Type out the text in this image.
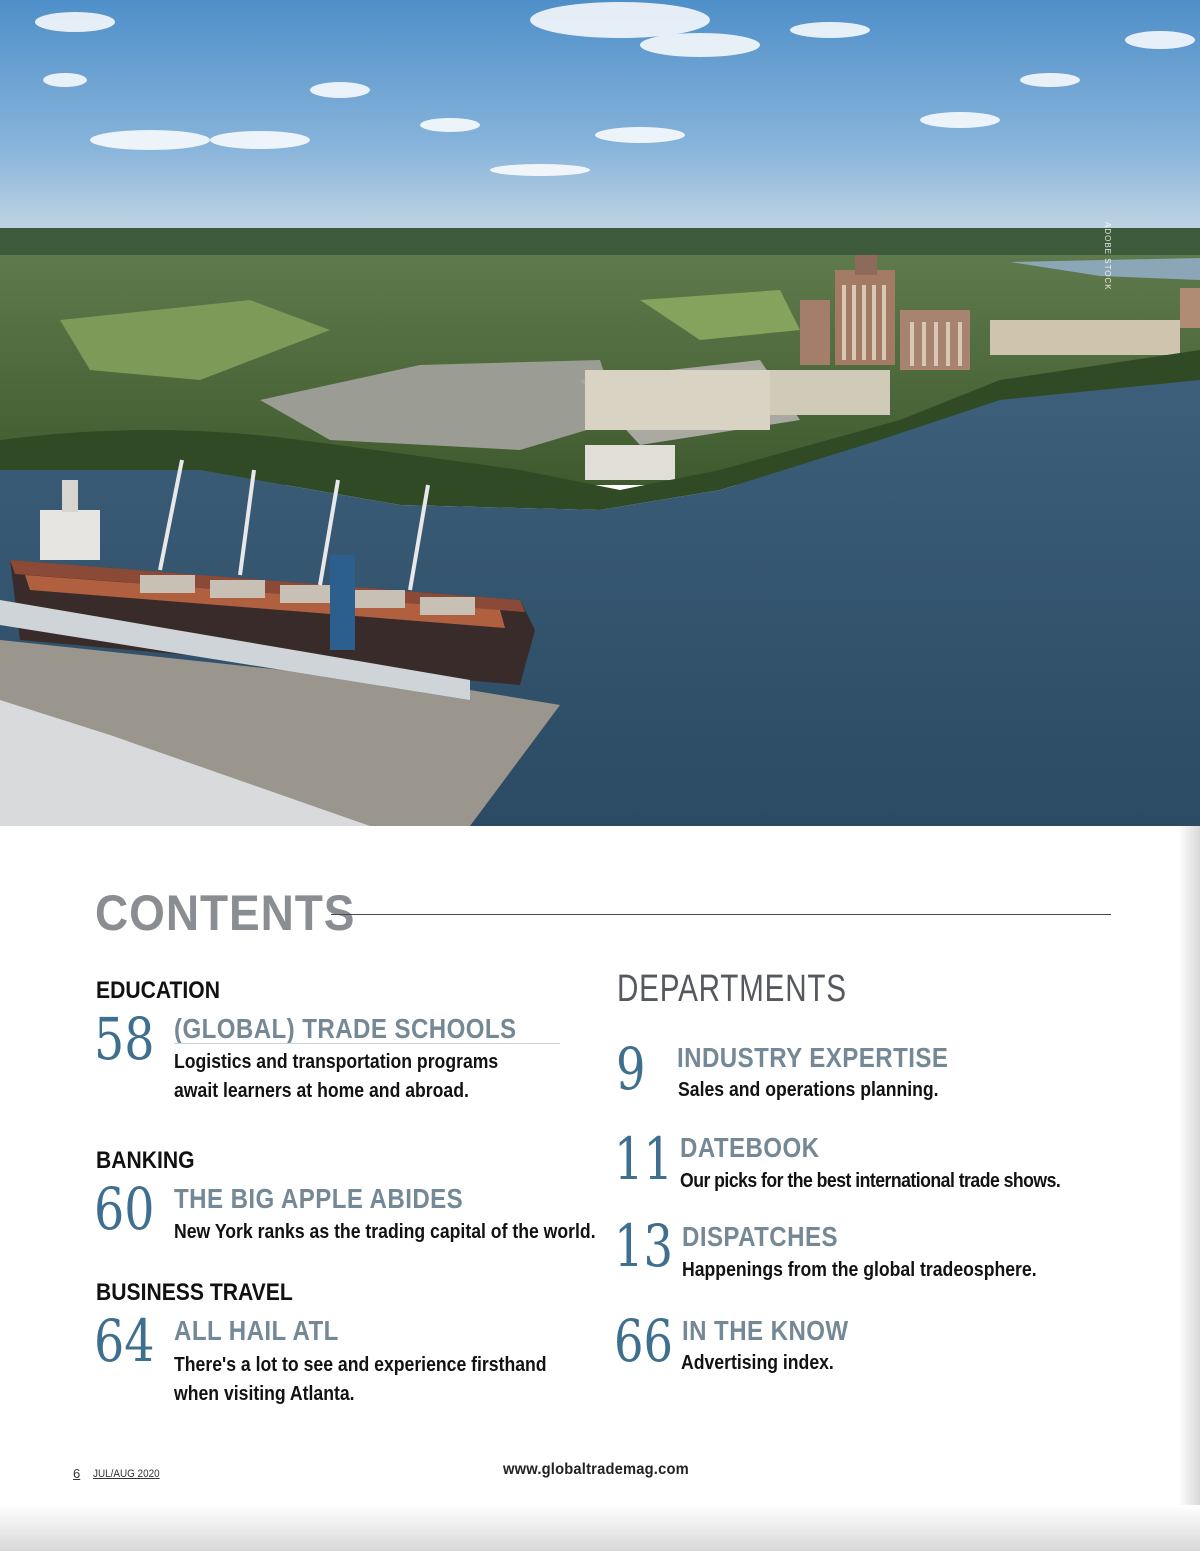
ADOBE STOCK
CONTENTS
EDUCATION
58 (GLOBAL) TRADE SCHOOLS
Logistics and transportation programs await learners at home and abroad.
BANKING
60 THE BIG APPLE ABIDES
New York ranks as the trading capital of the world.
BUSINESS TRAVEL
64 ALL HAIL ATL
There's a lot to see and experience firsthand when visiting Atlanta.
DEPARTMENTS
9 INDUSTRY EXPERTISE
Sales and operations planning.
11 DATEBOOK
Our picks for the best international trade shows.
13 DISPATCHES
Happenings from the global tradeosphere.
66 IN THE KNOW
Advertising index.
6 JUL/AUG 2020	www.globaltrademag.com
